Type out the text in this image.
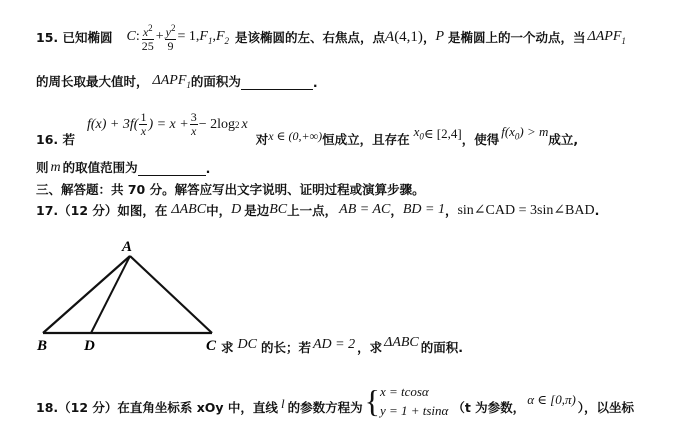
15. 已知椭圆 C : $\frac{x^2}{25} + \frac{y^2}{9} = 1$, $F_1$ , $F_2$ 是该椭圆的左、右焦点，点 A (4,1) ， P 是椭圆上的一个动点，当 $\Delta APF_1$
的周长取最大值时， $\Delta APF_1$ 的面积为	.
16. 若
$f(x) + 3f( \frac{1}{x}$ ) = $x + \frac{3}{x} - 2\log$ 2 x
对 x ∈ (0,+∞) 恒成立，且存在
$x_0$ ∈ [2,4] ，使得
$f(x_0) > m$
成立,
则 m 的取值范围为	.
三、解答题：共 70 分。解答应写出文字说明、证明过程或演算步骤。
17.（12 分）如图，在 ΔABC 中， D 是边 BC 上一点， AB = AC ， BD = 1 ， sin∠CAD = 3sin∠BAD .
A
B D	C 求 DC 的长；若 AD = 2 ，求 ΔABC 的面积.
18.（12 分）在直角坐标系 xOy 中，直线 l 的参数方程为 { x = tcosα
y = 1 + tsinα （t 为参数，
α ∈ [0,π)
），以坐标
